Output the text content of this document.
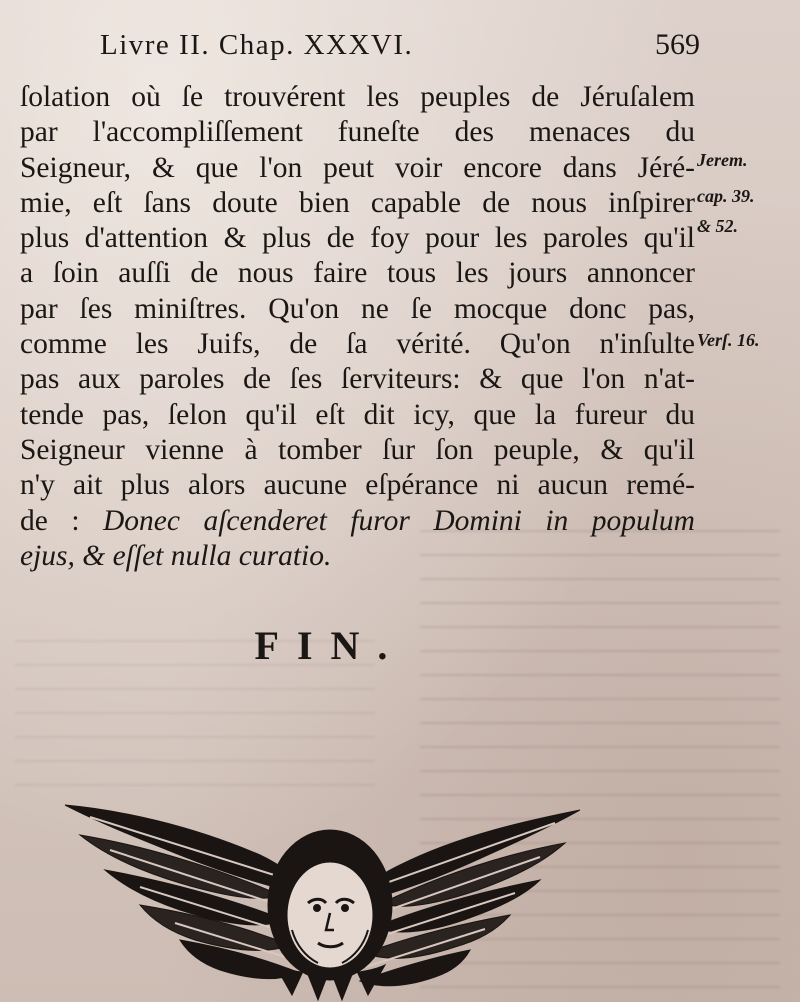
Livre II. Chap. XXXVI.	569
ſolation où ſe trouvérent les peuples de Jéruſalem
par l'accompliſſement funeſte des menaces du
Seigneur, & que l'on peut voir encore dans Jéré-
mie, eſt ſans doute bien capable de nous inſpirer
plus d'attention & plus de foy pour les paroles qu'il
a ſoin auſſi de nous faire tous les jours annoncer
par ſes miniſtres. Qu'on ne ſe mocque donc pas,
comme les Juifs, de ſa vérité. Qu'on n'inſulte
pas aux paroles de ſes ſerviteurs: & que l'on n'at-
tende pas, ſelon qu'il eſt dit icy, que la fureur du
Seigneur vienne à tomber ſur ſon peuple, & qu'il
n'y ait plus alors aucune eſpérance ni aucun remé-
de : Donec aſcenderet furor Domini in populum
ejus, & eſſet nulla curatio.
Jerem.
cap. 39.
& 52.
Verſ. 16.
FIN.
